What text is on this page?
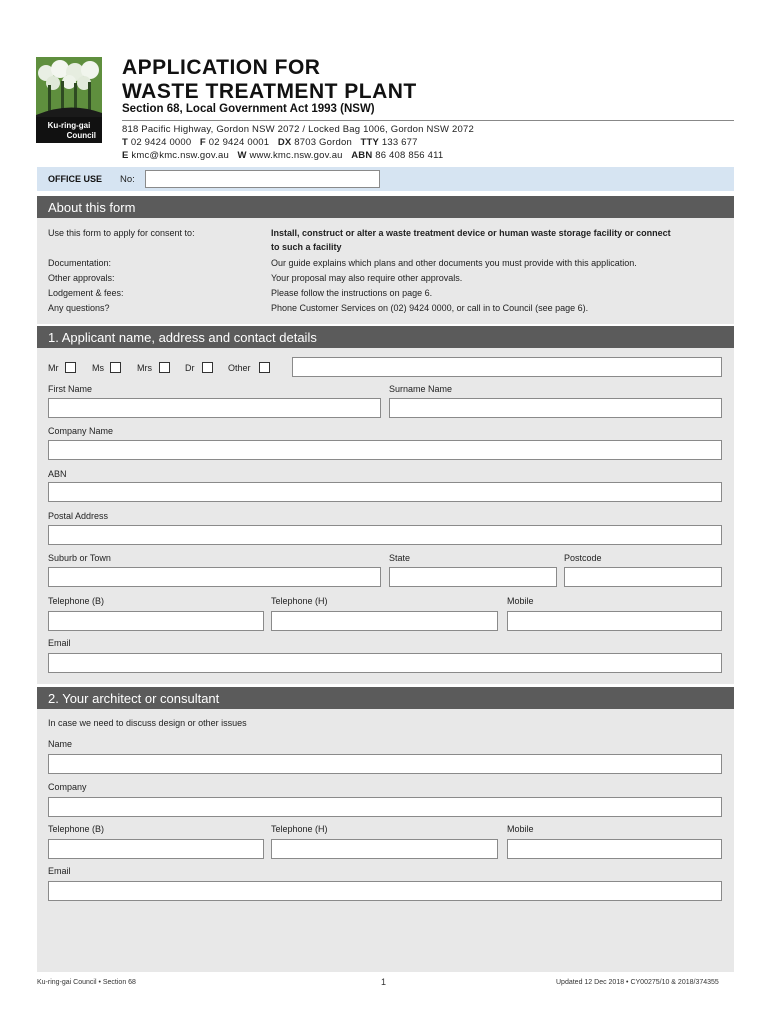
Ku-ring-gai
Council
APPLICATION FOR
WASTE TREATMENT PLANT
Section 68, Local Government Act 1993 (NSW)
818 Pacific Highway, Gordon NSW 2072 / Locked Bag 1006, Gordon NSW 2072
T 02 9424 0000 F 02 9424 0001 DX 8703 Gordon TTY 133 677
E kmc@kmc.nsw.gov.au W www.kmc.nsw.gov.au ABN 86 408 856 411
OFFICE USE No:
About this form
Use this form to apply for consent to:	Install, construct or alter a waste treatment device or human waste storage facility or connect
to such a facility
Documentation:	Our guide explains which plans and other documents you must provide with this application.
Other approvals:	Your proposal may also require other approvals.
Lodgement & fees:	Please follow the instructions on page 6.
Any questions?	Phone Customer Services on (02) 9424 0000, or call in to Council (see page 6).
1. Applicant name, address and contact details
Mr	Ms	Mrs	Dr	Other
First Name	Surname Name
Company Name
ABN
Postal Address
Suburb or Town	State	Postcode
Telephone (B)	Telephone (H)	Mobile
Email
2. Your architect or consultant
In case we need to discuss design or other issues
Name
Company
Telephone (B)	Telephone (H)	Mobile
Email
Ku-ring-gai Council • Section 68	1	Updated 12 Dec 2018 • CY00275/10 & 2018/374355
